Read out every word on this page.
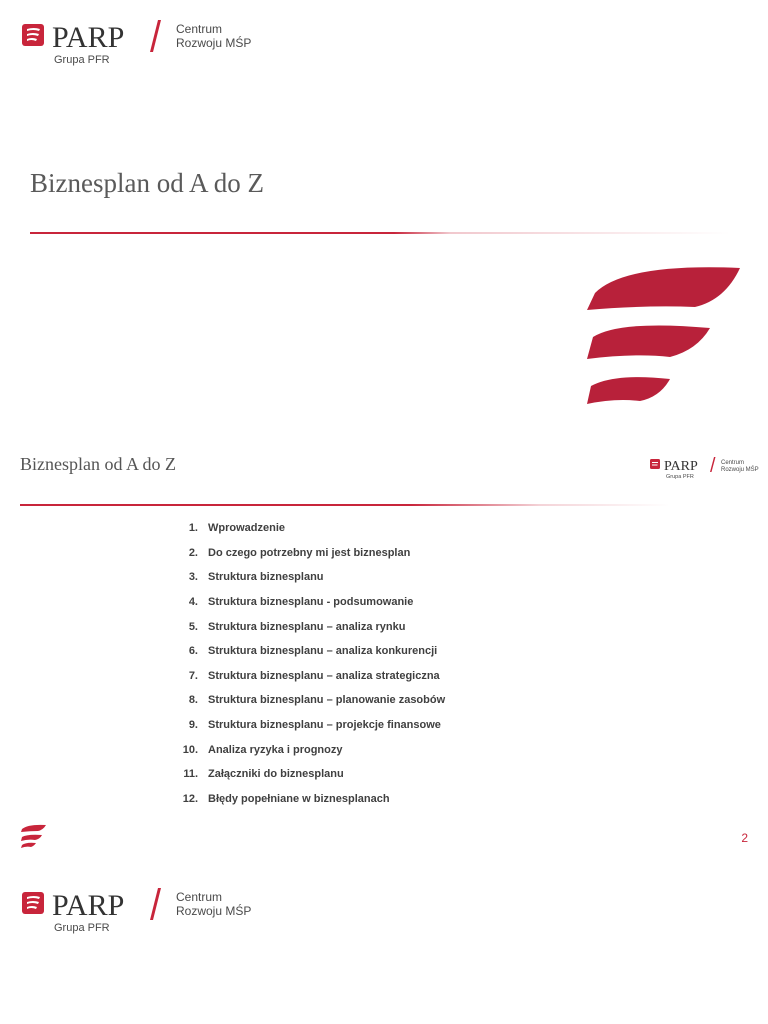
PARP
Grupa PFR
Centrum
Rozwoju MŚP
Biznesplan od A do Z
Biznesplan od A do Z	PARP
Grupa PFR
Centrum
Rozwoju MŚP
1. Wprowadzenie
2. Do czego potrzebny mi jest biznesplan
3. Struktura biznesplanu
4. Struktura biznesplanu - podsumowanie
5. Struktura biznesplanu – analiza rynku
6. Struktura biznesplanu – analiza konkurencji
7. Struktura biznesplanu – analiza strategiczna
8. Struktura biznesplanu – planowanie zasobów
9. Struktura biznesplanu – projekcje finansowe
10. Analiza ryzyka i prognozy
11. Załączniki do biznesplanu
12. Błędy popełniane w biznesplanach
2
PARP
Grupa PFR
Centrum
Rozwoju MŚP
